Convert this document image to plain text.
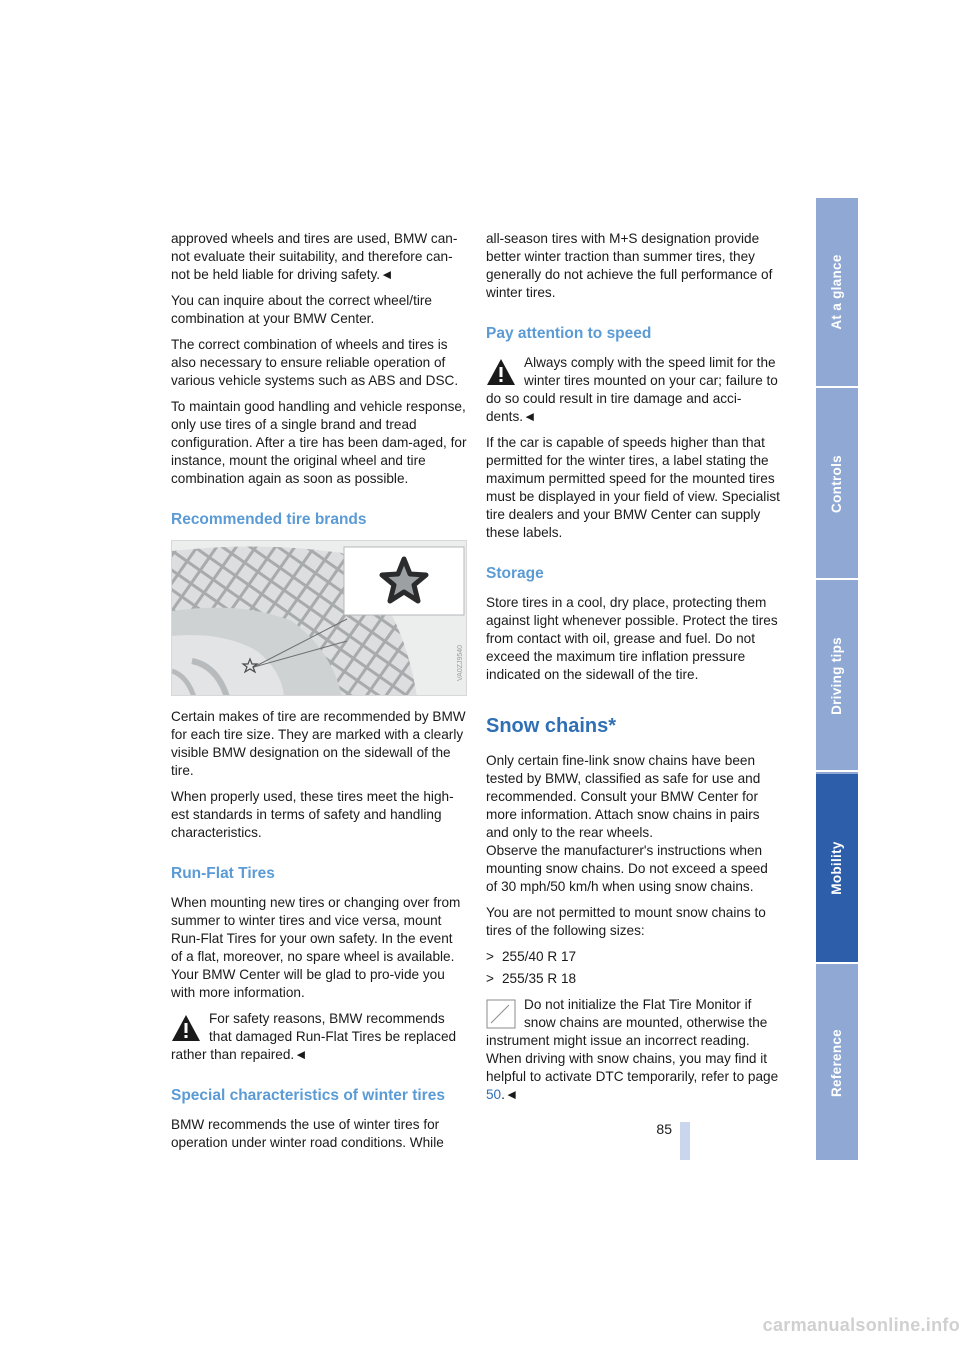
approved wheels and tires are used, BMW can-not evaluate their suitability, and therefore can-not be held liable for driving safety.◄

You can inquire about the correct wheel/tire combination at your BMW Center.

The correct combination of wheels and tires is also necessary to ensure reliable operation of various vehicle systems such as ABS and DSC.

To maintain good handling and vehicle response, only use tires of a single brand and tread configuration. After a tire has been dam-aged, for instance, mount the original wheel and tire combination again as soon as possible.

Recommended tire brands
VA0ZJ9540

Certain makes of tire are recommended by BMW for each tire size. They are marked with a clearly visible BMW designation on the sidewall of the tire.

When properly used, these tires meet the high-est standards in terms of safety and handling characteristics.

Run-Flat Tires

When mounting new tires or changing over from summer to winter tires and vice versa, mount Run-Flat Tires for your own safety. In the event of a flat, moreover, no spare wheel is available. Your BMW Center will be glad to pro-vide you with more information.

For safety reasons, BMW recommends that damaged Run-Flat Tires be replaced rather than repaired.◄
Special characteristics of winter tires

BMW recommends the use of winter tires for operation under winter road conditions. While

all-season tires with M+S designation provide better winter traction than summer tires, they generally do not achieve the full performance of winter tires.

Pay attention to speed
Always comply with the speed limit for the winter tires mounted on your car; failure to do so could result in tire damage and acci-dents.◄

If the car is capable of speeds higher than that permitted for the winter tires, a label stating the maximum permitted speed for the mounted tires must be displayed in your field of view. Specialist tire dealers and your BMW Center can supply these labels.

Storage

Store tires in a cool, dry place, protecting them against light whenever possible. Protect the tires from contact with oil, grease and fuel. Do not exceed the maximum tire inflation pressure indicated on the sidewall of the tire.

Snow chains*

Only certain fine-link snow chains have been tested by BMW, classified as safe for use and recommended. Consult your BMW Center for more information. Attach snow chains in pairs and only to the rear wheels.

Observe the manufacturer's instructions when mounting snow chains. Do not exceed a speed of 30 mph/50 km/h when using snow chains.

You are not permitted to mount snow chains to tires of the following sizes:

> 255/40 R 17
> 255/35 R 18
Do not initialize the Flat Tire Monitor if snow chains are mounted, otherwise the instrument might issue an incorrect reading. When driving with snow chains, you may find it helpful to activate DTC temporarily, refer to page 50.◄
At a glance
Controls
Driving tips
Mobility
Reference
85
carmanualsonline.info
